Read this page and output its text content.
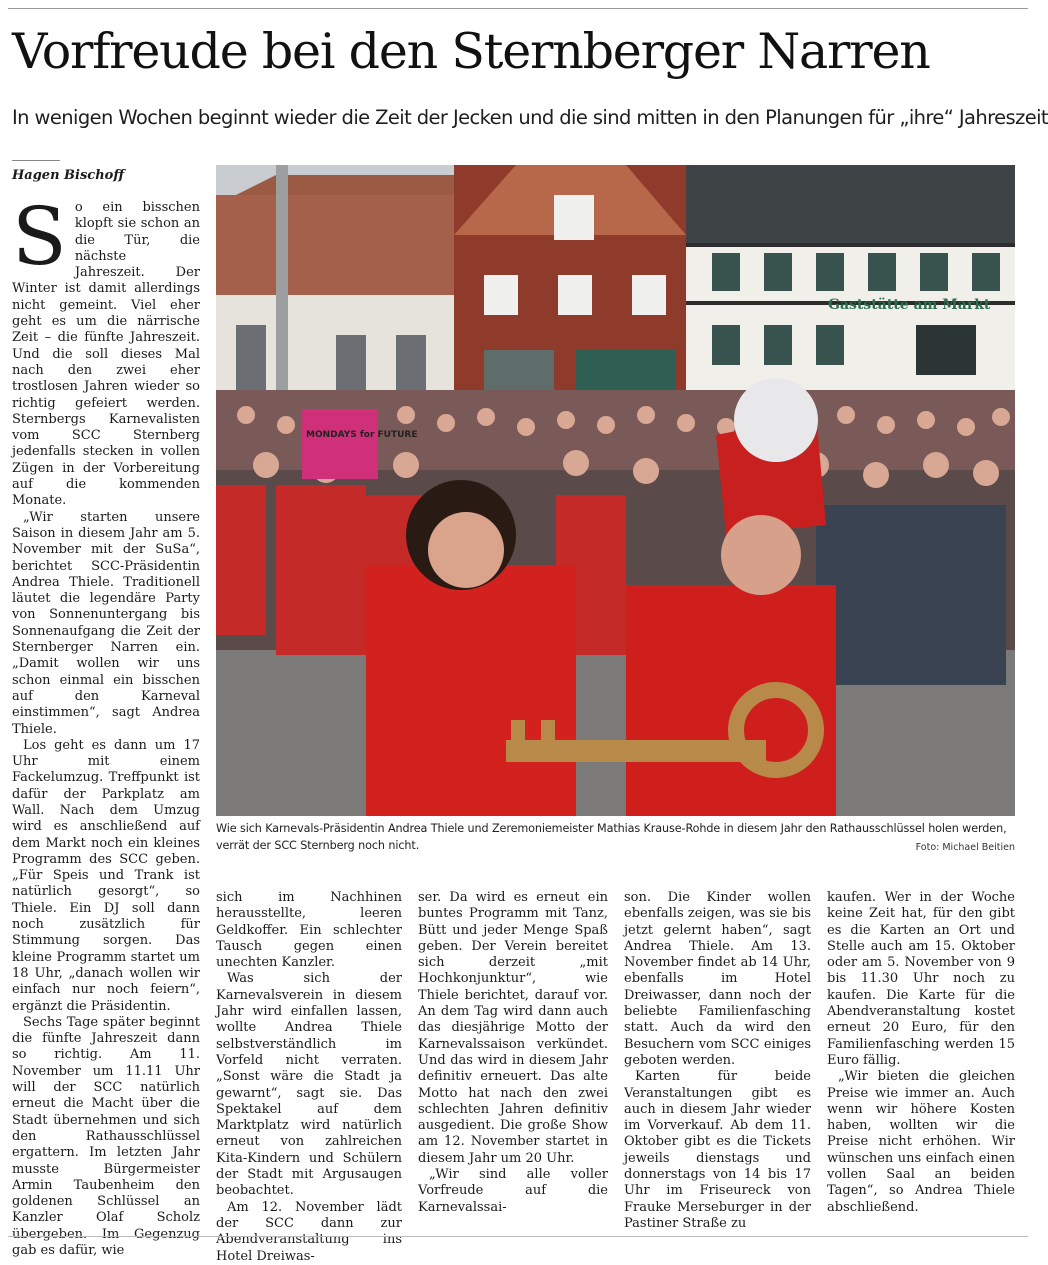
Vorfreude bei den Sternberger Narren

In wenigen Wochen beginnt wieder die Zeit der Jecken und die sind mitten in den Planungen für „ihre“ Jahreszeit

Hagen Bischoff

So ein bisschen klopft sie schon an die Tür, die nächste Jahreszeit. Der Winter ist damit allerdings nicht gemeint. Viel eher geht es um die närrische Zeit – die fünfte Jahreszeit. Und die soll dieses Mal nach den zwei eher trostlosen Jahren wieder so richtig gefeiert werden. Sternbergs Karnevalisten vom SCC Sternberg jedenfalls stecken in vollen Zügen in der Vorbereitung auf die kommenden Monate.

„Wir starten unsere Saison in diesem Jahr am 5. November mit der SuSa“, berichtet SCC-Präsidentin Andrea Thiele. Traditionell läutet die legendäre Party von Sonnenuntergang bis Sonnenaufgang die Zeit der Sternberger Narren ein. „Damit wollen wir uns schon einmal ein bisschen auf den Karneval einstimmen“, sagt Andrea Thiele.

Los geht es dann um 17 Uhr mit einem Fackelumzug. Treffpunkt ist dafür der Parkplatz am Wall. Nach dem Umzug wird es anschließend auf dem Markt noch ein kleines Programm des SCC geben. „Für Speis und Trank ist natürlich gesorgt“, so Thiele. Ein DJ soll dann noch zusätzlich für Stimmung sorgen. Das kleine Programm startet um 18 Uhr, „danach wollen wir einfach nur noch feiern“, ergänzt die Präsidentin.

Sechs Tage später beginnt die fünfte Jahreszeit dann so richtig. Am 11. November um 11.11 Uhr will der SCC natürlich erneut die Macht über die Stadt übernehmen und sich den Rathausschlüssel ergattern. Im letzten Jahr musste Bürgermeister Armin Taubenheim den goldenen Schlüssel an Kanzler Olaf Scholz übergeben. Im Gegenzug gab es dafür, wie

Gaststätte am Markt
MONDAYS for FUTURE
Wie sich Karnevals-Präsidentin Andrea Thiele und Zeremoniemeister Mathias Krause-Rohde in diesem Jahr den Rathausschlüssel holen werden, verrät der SCC Sternberg noch nicht.	Foto: Michael Beitien

sich im Nachhinen herausstellte, leeren Geldkoffer. Ein schlechter Tausch gegen einen unechten Kanzler.

Was sich der Karnevalsverein in diesem Jahr wird einfallen lassen, wollte Andrea Thiele selbstverständlich im Vorfeld nicht verraten. „Sonst wäre die Stadt ja gewarnt“, sagt sie. Das Spektakel auf dem Marktplatz wird natürlich erneut von zahlreichen Kita-Kindern und Schülern der Stadt mit Argusaugen beobachtet.

Am 12. November lädt der SCC dann zur Abendveranstaltung ins Hotel Dreiwas-

ser. Da wird es erneut ein buntes Programm mit Tanz, Bütt und jeder Menge Spaß geben. Der Verein bereitet sich derzeit „mit Hochkonjunktur“, wie Thiele berichtet, darauf vor. An dem Tag wird dann auch das diesjährige Motto der Karnevalssaison verkündet. Und das wird in diesem Jahr definitiv erneuert. Das alte Motto hat nach den zwei schlechten Jahren definitiv ausgedient. Die große Show am 12. November startet in diesem Jahr um 20 Uhr.

„Wir sind alle voller Vorfreude auf die Karnevalssai-

son. Die Kinder wollen ebenfalls zeigen, was sie bis jetzt gelernt haben“, sagt Andrea Thiele. Am 13. November findet ab 14 Uhr, ebenfalls im Hotel Dreiwasser, dann noch der beliebte Familienfasching statt. Auch da wird den Besuchern vom SCC einiges geboten werden.

Karten für beide Veranstaltungen gibt es auch in diesem Jahr wieder im Vorverkauf. Ab dem 11. Oktober gibt es die Tickets jeweils dienstags und donnerstags von 14 bis 17 Uhr im Friseureck von Frauke Merseburger in der Pastiner Straße zu

kaufen. Wer in der Woche keine Zeit hat, für den gibt es die Karten an Ort und Stelle auch am 15. Oktober oder am 5. November von 9 bis 11.30 Uhr noch zu kaufen. Die Karte für die Abendveranstaltung kostet erneut 20 Euro, für den Familienfasching werden 15 Euro fällig.

„Wir bieten die gleichen Preise wie immer an. Auch wenn wir höhere Kosten haben, wollten wir die Preise nicht erhöhen. Wir wünschen uns einfach einen vollen Saal an beiden Tagen“, so Andrea Thiele abschließend.
